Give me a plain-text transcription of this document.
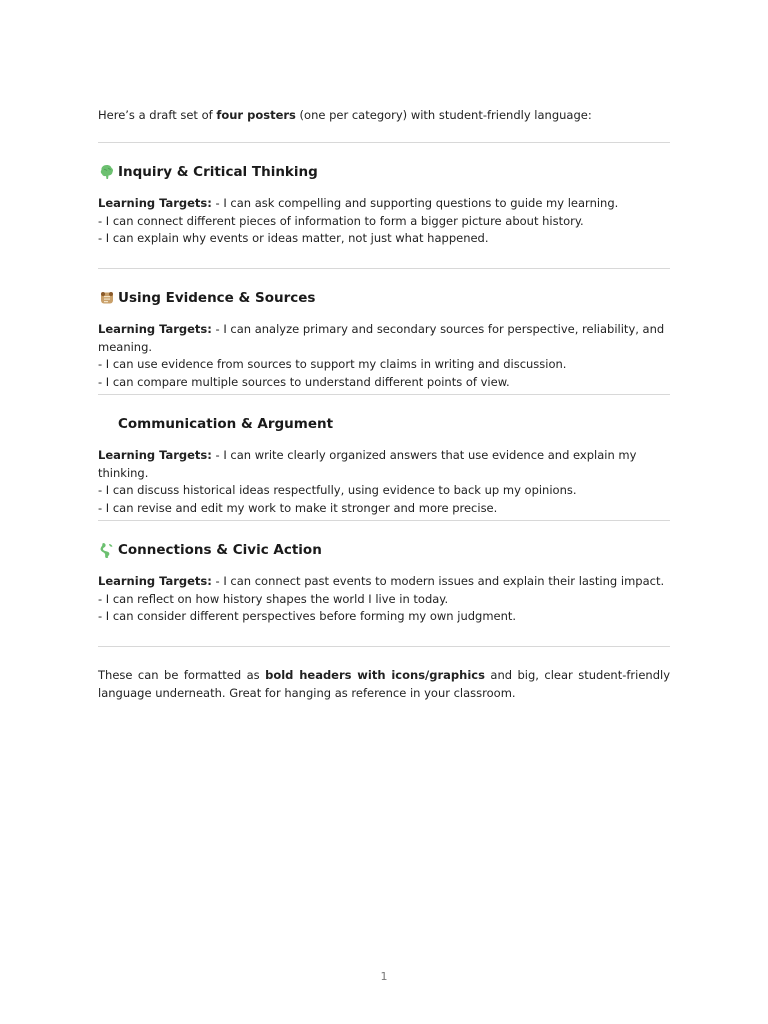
Here’s a draft set of four posters (one per category) with student-friendly language:

Inquiry & Critical Thinking
Learning Targets: - I can ask compelling and supporting questions to guide my learning.
- I can connect different pieces of information to form a bigger picture about history.
- I can explain why events or ideas matter, not just what happened.
Using Evidence & Sources
Learning Targets: - I can analyze primary and secondary sources for perspective, reliability, and meaning.
- I can use evidence from sources to support my claims in writing and discussion.
- I can compare multiple sources to understand different points of view.
Communication & Argument
Learning Targets: - I can write clearly organized answers that use evidence and explain my thinking.
- I can discuss historical ideas respectfully, using evidence to back up my opinions.
- I can revise and edit my work to make it stronger and more precise.
Connections & Civic Action
Learning Targets: - I can connect past events to modern issues and explain their lasting impact.
- I can reflect on how history shapes the world I live in today.
- I can consider different perspectives before forming my own judgment.

These can be formatted as bold headers with icons/graphics and big, clear student-friendly language underneath. Great for hanging as reference in your classroom.

1
